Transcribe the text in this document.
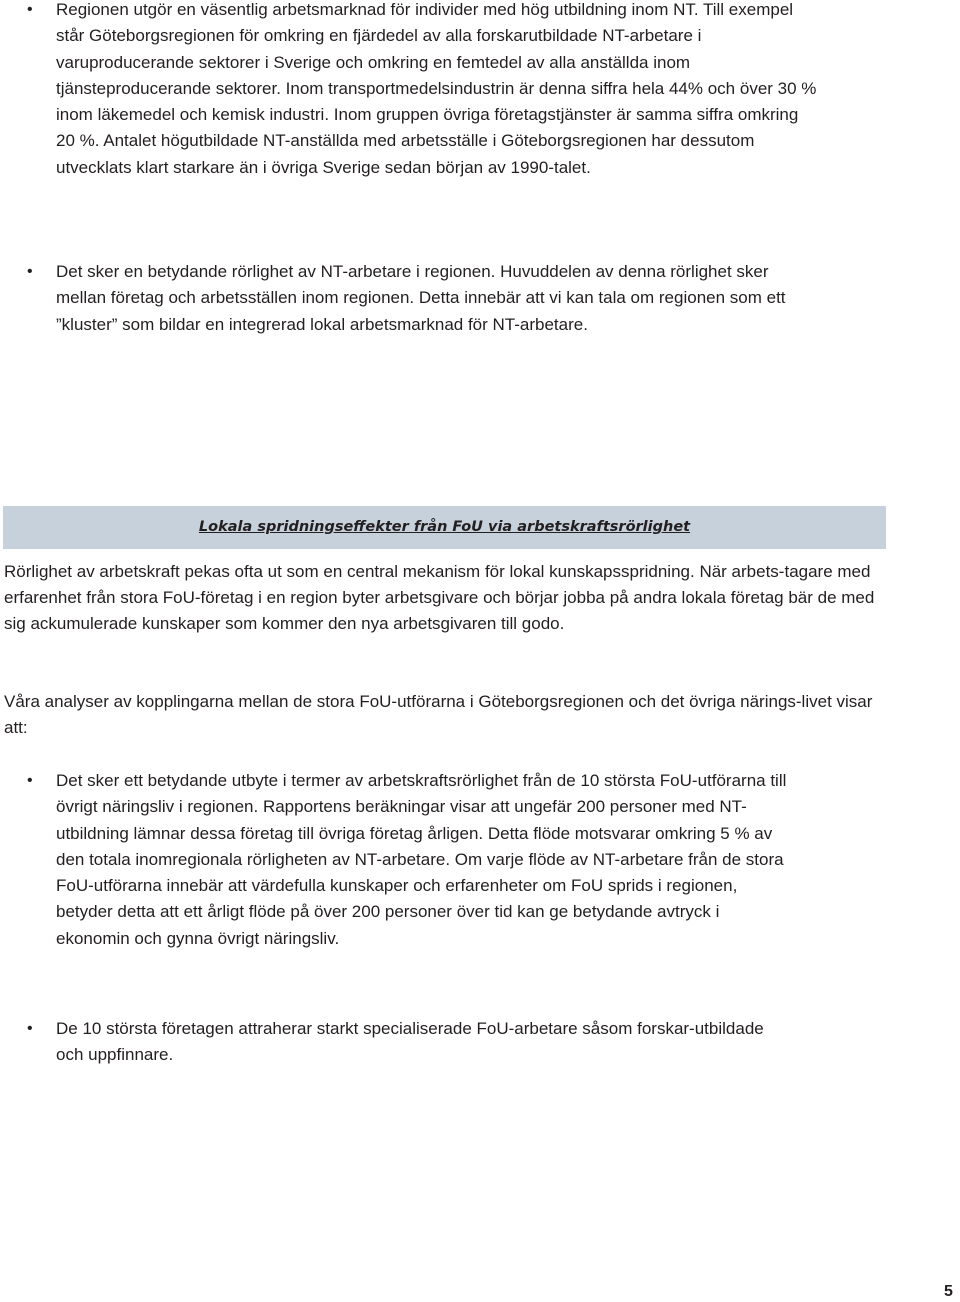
• Regionen utgör en väsentlig arbetsmarknad för individer med hög utbildning inom NT. Till exempel står Göteborgsregionen för omkring en fjärdedel av alla forskarutbildade NT-arbetare i varuproducerande sektorer i Sverige och omkring en femtedel av alla anställda inom tjänsteproducerande sektorer. Inom transportmedelsindustrin är denna siffra hela 44% och över 30 % inom läkemedel och kemisk industri. Inom gruppen övriga företagstjänster är samma siffra omkring 20 %. Antalet högutbildade NT-anställda med arbetsställe i Göteborgsregionen har dessutom utvecklats klart starkare än i övriga Sverige sedan början av 1990-talet.
• Det sker en betydande rörlighet av NT-arbetare i regionen. Huvuddelen av denna rörlighet sker mellan företag och arbetsställen inom regionen. Detta innebär att vi kan tala om regionen som ett ”kluster” som bildar en integrerad lokal arbetsmarknad för NT-arbetare.
Lokala spridningseffekter från FoU via arbetskraftsrörlighet
Rörlighet av arbetskraft pekas ofta ut som en central mekanism för lokal kunskapsspridning. När arbets-tagare med erfarenhet från stora FoU-företag i en region byter arbetsgivare och börjar jobba på andra lokala företag bär de med sig ackumulerade kunskaper som kommer den nya arbetsgivaren till godo.
Våra analyser av kopplingarna mellan de stora FoU-utförarna i Göteborgsregionen och det övriga närings-livet visar att:
• Det sker ett betydande utbyte i termer av arbetskraftsrörlighet från de 10 största FoU-utförarna till övrigt näringsliv i regionen. Rapportens beräkningar visar att ungefär 200 personer med NT-utbildning lämnar dessa företag till övriga företag årligen. Detta flöde motsvarar omkring 5 % av den totala inomregionala rörligheten av NT-arbetare. Om varje flöde av NT-arbetare från de stora FoU-utförarna innebär att värdefulla kunskaper och erfarenheter om FoU sprids i regionen, betyder detta att ett årligt flöde på över 200 personer över tid kan ge betydande avtryck i ekonomin och gynna övrigt näringsliv.
• De 10 största företagen attraherar starkt specialiserade FoU-arbetare såsom forskar-utbildade och uppfinnare.
5
